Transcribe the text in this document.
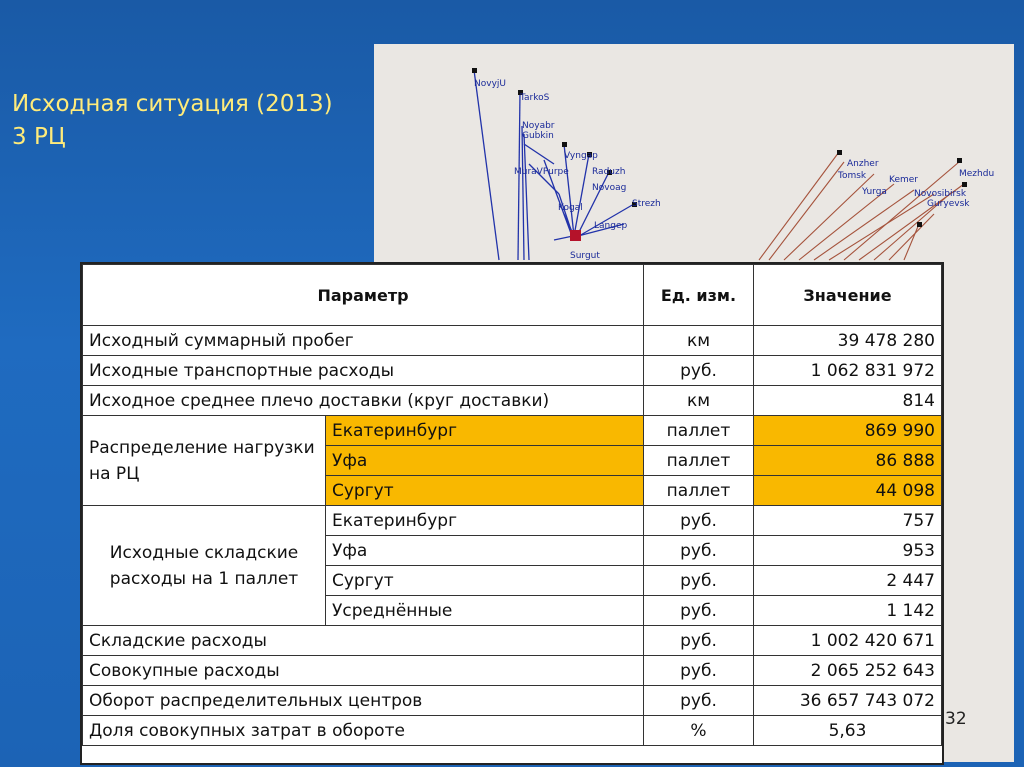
Исходная ситуация (2013)
3 РЦ
NovyjU
TarkoS
Noyabr
Gubkin
MuraVPurpe
Vyngap
Raduzh
Novoag
Strezh
Kogal
Langep
Surgut
Anzher
Tomsk	Kemer
Yurga	Novosibirsk
Guryevsk
Mezhdu
Параметр		Ед. изм.	Значение
Исходный суммарный пробег		км	39 478 280
Исходные транспортные расходы		руб.	1 062 831 972
Исходное среднее плечо доставки (круг доставки)		км	814
Распределение нагрузки на РЦ	Екатеринбург	паллет	869 990
	Уфа	паллет	86 888
	Сургут	паллет	44 098
Исходные складские расходы на 1 паллет	Екатеринбург	руб.	757
	Уфа	руб.	953
	Сургут	руб.	2 447
	Усреднённые	руб.	1 142
Складские расходы		руб.	1 002 420 671
Совокупные расходы		руб.	2 065 252 643
Оборот распределительных центров		руб.	36 657 743 072
Доля совокупных затрат в обороте		%	5,63
32
